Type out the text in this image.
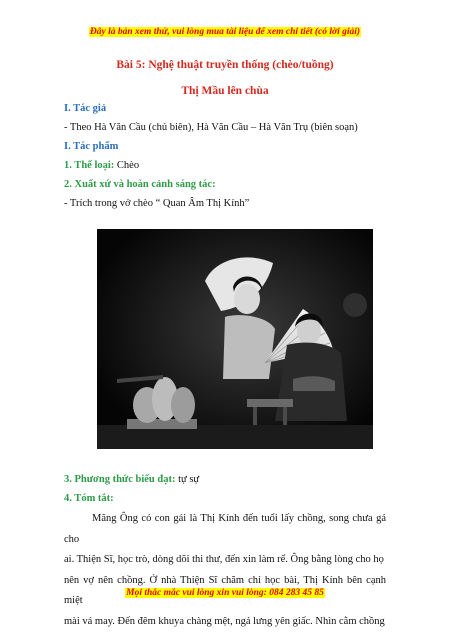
Đây là bản xem thử, vui lòng mua tài liệu để xem chi tiết (có lời giải)
Bài 5: Nghệ thuật truyền thống (chèo/tuồng)
Thị Mầu lên chùa
I. Tác giả
- Theo Hà Văn Cầu (chủ biên), Hà Văn Cầu – Hà Văn Trụ (biên soạn)
I. Tác phẩm
1. Thể loại: Chèo
2. Xuất xứ và hoàn cảnh sáng tác:
- Trích trong vở chèo “ Quan Âm Thị Kính”
3. Phương thức biểu đạt: tự sự
4. Tóm tắt:
Mãng Ông có con gái là Thị Kính đến tuổi lấy chồng, song chưa gả cho
ai. Thiện Sĩ, học trò, dòng dõi thi thư, đến xin làm rể. Ông bằng lòng cho họ
nên vợ nên chồng. Ở nhà Thiện Sĩ chăm chỉ học bài, Thị Kính bên cạnh miệt
mài vá may. Đến đêm khuya chàng mệt, ngả lưng yên giấc. Nhìn cằm chồng
Mọi thắc mắc vui lòng xin vui lòng: 084 283 45 85
